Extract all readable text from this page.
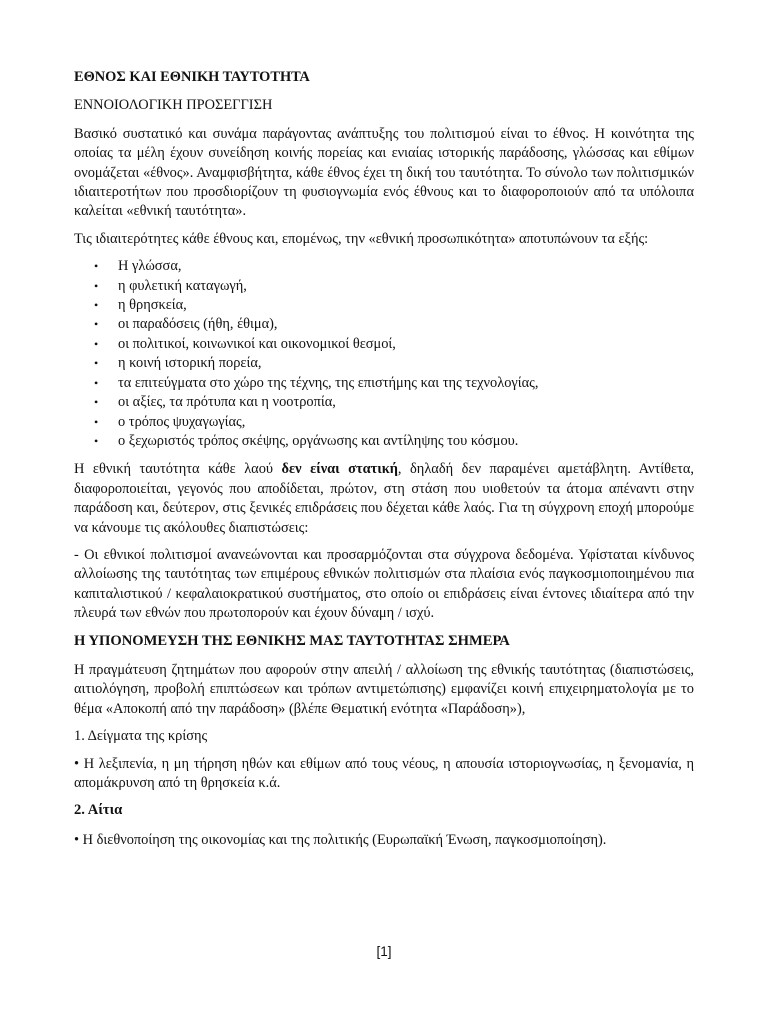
ΕΘΝΟΣ ΚΑΙ ΕΘΝΙΚΗ ΤΑΥΤΟΤΗΤΑ
ΕΝΝΟΙΟΛΟΓΙΚΗ ΠΡΟΣΕΓΓΙΣΗ

Βασικό συστατικό και συνάμα παράγοντας ανάπτυξης του πολιτισμού είναι το έθνος. Η κοινότητα της οποίας τα μέλη έχουν συνείδηση κοινής πορείας και ενιαίας ιστορικής παράδοσης, γλώσσας και εθίμων ονομάζεται «έθνος». Αναμφισβήτητα, κάθε έθνος έχει τη δική του ταυτότητα. Το σύνολο των πολιτισμικών ιδιαιτεροτήτων που προσδιορίζουν τη φυσιογνωμία ενός έθνους και το διαφοροποιούν από τα υπόλοιπα καλείται «εθνική ταυτότητα».

Τις ιδιαιτερότητες κάθε έθνους και, επομένως, την «εθνική προσωπικότητα» αποτυπώνουν τα εξής:

• Η γλώσσα,
• η φυλετική καταγωγή,
• η θρησκεία,
• οι παραδόσεις (ήθη, έθιμα),
• οι πολιτικοί, κοινωνικοί και οικονομικοί θεσμοί,
• η κοινή ιστορική πορεία,
• τα επιτεύγματα στο χώρο της τέχνης, της επιστήμης και της τεχνολογίας,
• οι αξίες, τα πρότυπα και η νοοτροπία,
• ο τρόπος ψυχαγωγίας,
• ο ξεχωριστός τρόπος σκέψης, οργάνωσης και αντίληψης του κόσμου.

Η εθνική ταυτότητα κάθε λαού δεν είναι στατική, δηλαδή δεν παραμένει αμετάβλητη. Αντίθετα, διαφοροποιείται, γεγονός που αποδίδεται, πρώτον, στη στάση που υιοθετούν τα άτομα απέναντι στην παράδοση και, δεύτερον, στις ξενικές επιδράσεις που δέχεται κάθε λαός. Για τη σύγχρονη εποχή μπορούμε να κάνουμε τις ακόλουθες διαπιστώσεις:

- Οι εθνικοί πολιτισμοί ανανεώνονται και προσαρμόζονται στα σύγχρονα δεδομένα. Υφίσταται κίνδυνος αλλοίωσης της ταυτότητας των επιμέρους εθνικών πολιτισμών στα πλαίσια ενός παγκοσμιοποιημένου πια καπιταλιστικού / κεφαλαιοκρατικού συστήματος, στο οποίο οι επιδράσεις είναι έντονες ιδιαίτερα από την πλευρά των εθνών που πρωτοπορούν και έχουν δύναμη / ισχύ.

Η ΥΠΟΝΟΜΕΥΣΗ ΤΗΣ ΕΘΝΙΚΗΣ ΜΑΣ ΤΑΥΤΟΤΗΤΑΣ ΣΗΜΕΡΑ

Η πραγμάτευση ζητημάτων που αφορούν στην απειλή / αλλοίωση της εθνικής ταυτότητας (διαπιστώσεις, αιτιολόγηση, προβολή επιπτώσεων και τρόπων αντιμετώπισης) εμφανίζει κοινή επιχειρηματολογία με το θέμα «Αποκοπή από την παράδοση» (βλέπε Θεματική ενότητα «Παράδοση»),

1. Δείγματα της κρίσης

• Η λεξιπενία, η μη τήρηση ηθών και εθίμων από τους νέους, η απουσία ιστοριογνωσίας, η ξενομανία, η απομάκρυνση από τη θρησκεία κ.ά.

2. Αίτια

• Η διεθνοποίηση της οικονομίας και της πολιτικής (Ευρωπαϊκή Ένωση, παγκοσμιοποίηση).

[1]
